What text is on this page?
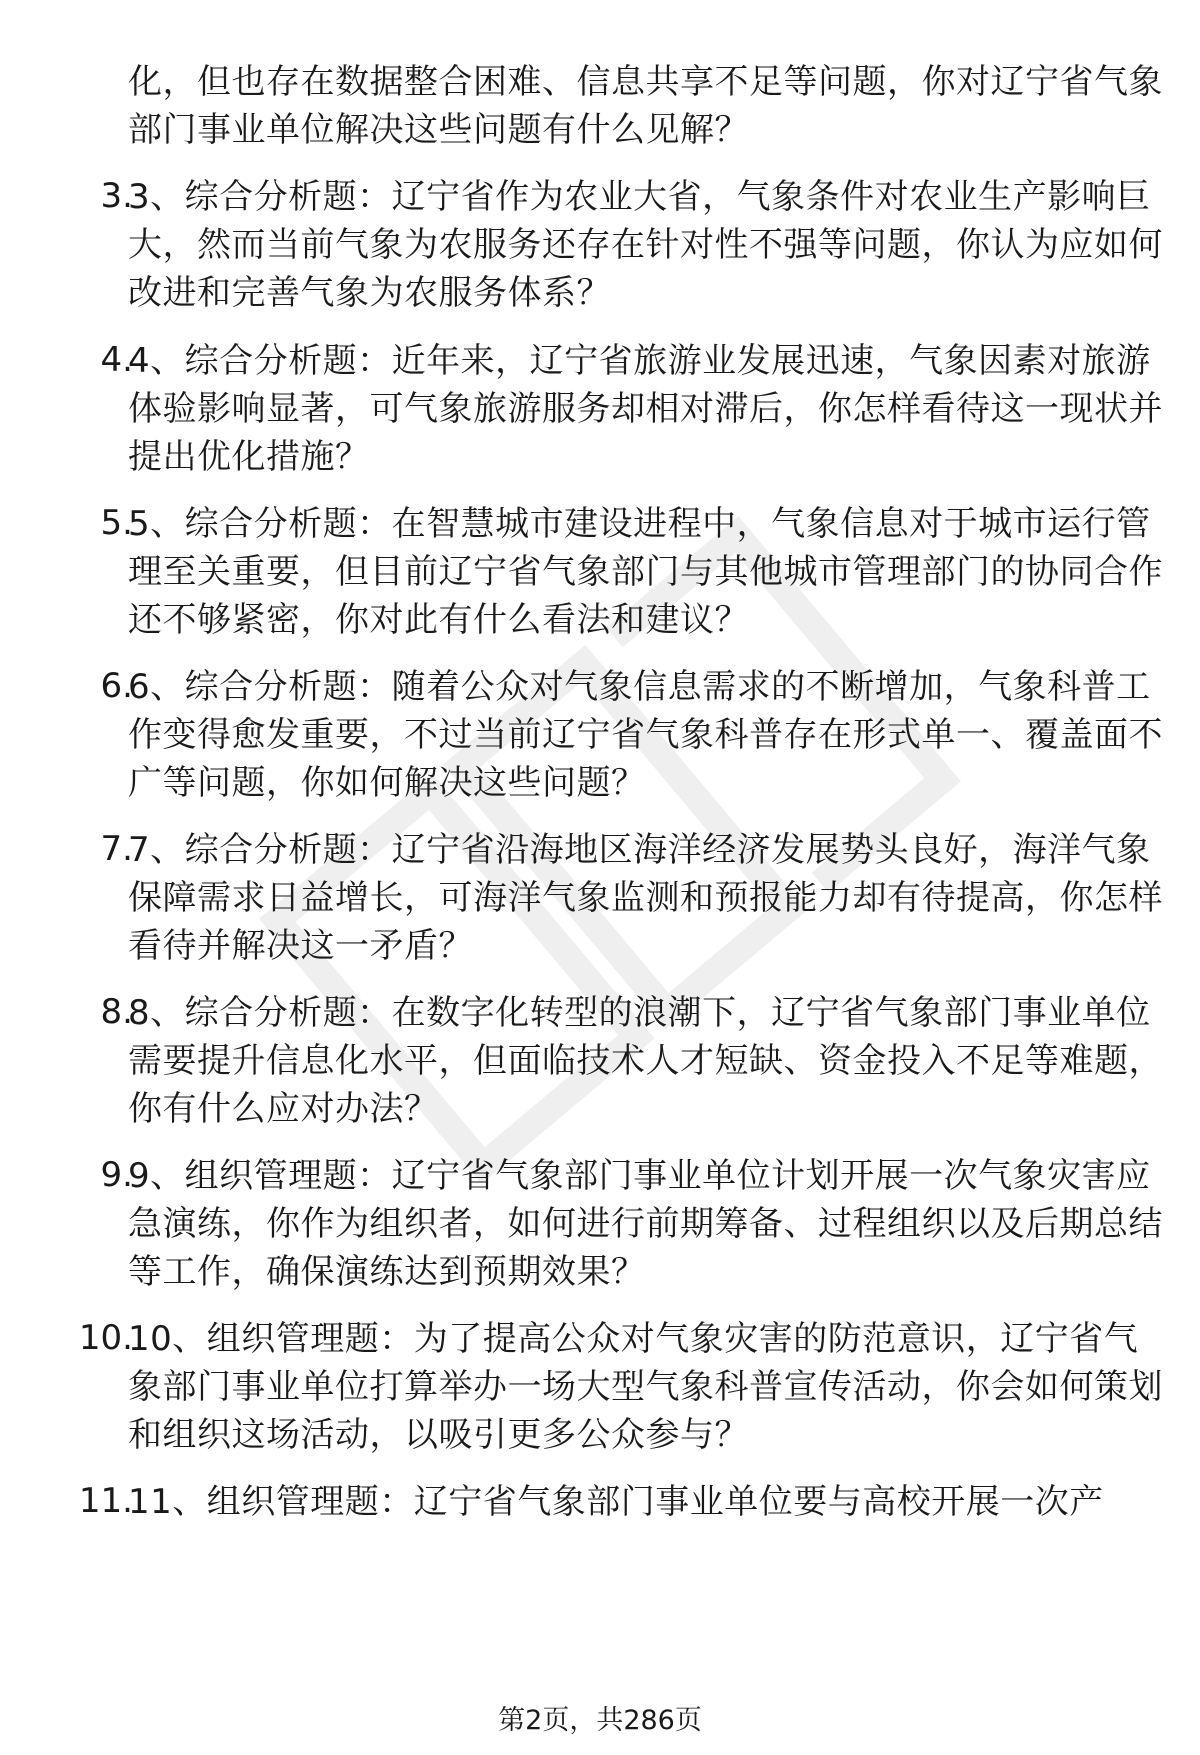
化，但也存在数据整合困难、信息共享不足等问题，你对辽宁省气象部门事业单位解决这些问题有什么见解？

3.

3、综合分析题：辽宁省作为农业大省，气象条件对农业生产影响巨大，然而当前气象为农服务还存在针对性不强等问题，你认为应如何改进和完善气象为农服务体系？

4.

4、综合分析题：近年来，辽宁省旅游业发展迅速，气象因素对旅游体验影响显著，可气象旅游服务却相对滞后，你怎样看待这一现状并提出优化措施？

5.

5、综合分析题：在智慧城市建设进程中，气象信息对于城市运行管理至关重要，但目前辽宁省气象部门与其他城市管理部门的协同合作还不够紧密，你对此有什么看法和建议？

6.

6、综合分析题：随着公众对气象信息需求的不断增加，气象科普工作变得愈发重要，不过当前辽宁省气象科普存在形式单一、覆盖面不广等问题，你如何解决这些问题？

7.

7、综合分析题：辽宁省沿海地区海洋经济发展势头良好，海洋气象保障需求日益增长，可海洋气象监测和预报能力却有待提高，你怎样看待并解决这一矛盾？

8.

8、综合分析题：在数字化转型的浪潮下，辽宁省气象部门事业单位需要提升信息化水平，但面临技术人才短缺、资金投入不足等难题，你有什么应对办法？

9.

9、组织管理题：辽宁省气象部门事业单位计划开展一次气象灾害应急演练，你作为组织者，如何进行前期筹备、过程组织以及后期总结等工作，确保演练达到预期效果？

10.

10、组织管理题：为了提高公众对气象灾害的防范意识，辽宁省气象部门事业单位打算举办一场大型气象科普宣传活动，你会如何策划和组织这场活动，以吸引更多公众参与？

11.

11、组织管理题：辽宁省气象部门事业单位要与高校开展一次产

第2页，共286页
